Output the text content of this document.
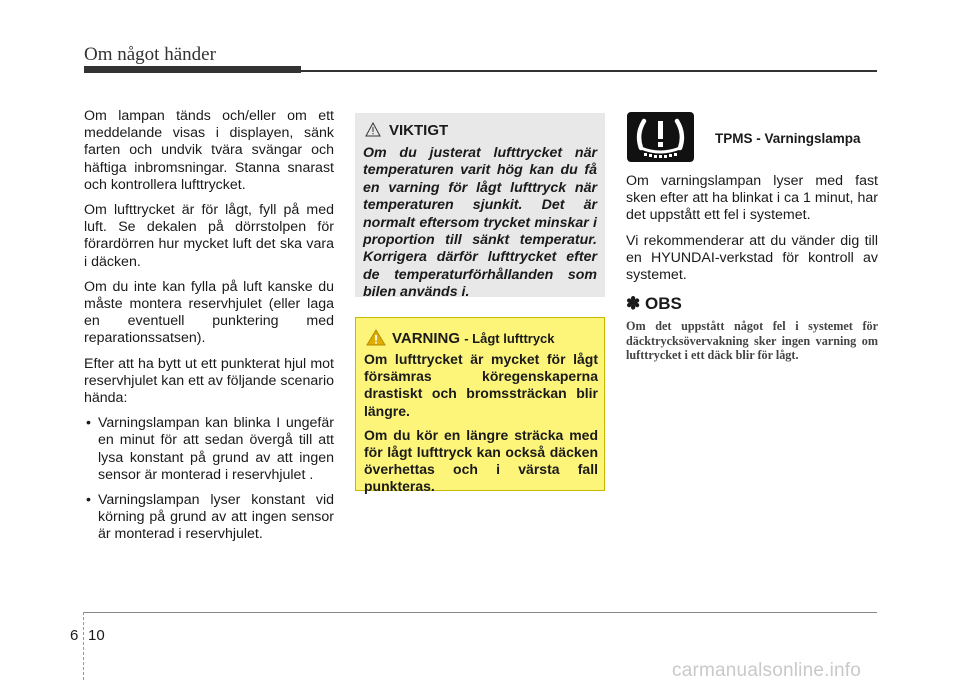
Om något händer

Om lampan tänds och/eller om ett meddelande visas i displayen, sänk farten och undvik tvära svängar och häftiga inbromsningar. Stanna snarast och kontrollera lufttrycket.

Om lufttrycket är för lågt, fyll på med luft. Se dekalen på dörrstolpen för förardörren hur mycket luft det ska vara i däcken.

Om du inte kan fylla på luft kanske du måste montera reservhjulet (eller laga en eventuell punktering med reparationssatsen).

Efter att ha bytt ut ett punkterat hjul mot reservhjulet kan ett av följande scenario hända:

• Varningslampan kan blinka I ungefär en minut för att sedan övergå till att lysa konstant på grund av att ingen sensor är monterad i reservhjulet .
• Varningslampan lyser konstant vid körning på grund av att ingen sensor är monterad i reservhjulet.
VIKTIGT
Om du justerat lufttrycket när temperaturen varit hög kan du få en varning för lågt lufttryck när temperaturen sjunkit. Det är normalt eftersom trycket minskar i proportion till sänkt temperatur. Korrigera därför lufttrycket efter de temperaturförhållanden som bilen används i.
VARNING - Lågt lufttryck

Om lufttrycket är mycket för lågt försämras köregenskaperna drastiskt och bromssträckan blir längre.

Om du kör en längre sträcka med för lågt lufttryck kan också däcken överhettas och i värsta fall punkteras.

TPMS - Varningslampa

Om varningslampan lyser med fast sken efter att ha blinkat i ca 1 minut, har det uppstått ett fel i systemet.

Vi rekommenderar att du vänder dig till en HYUNDAI-verkstad för kontroll av systemet.

✽ OBS
Om det uppstått något fel i systemet för däcktrycksövervakning sker ingen varning om lufttrycket i ett däck blir för lågt.
6 10
carmanualsonline.info
